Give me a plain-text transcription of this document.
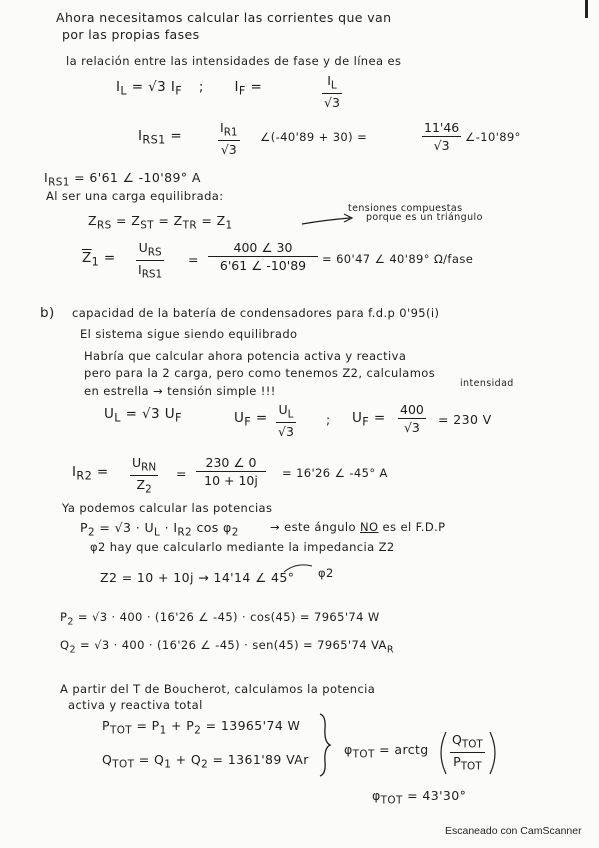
Ahora necesitamos calcular las corrientes que van
por las propias fases
la relación entre las intensidades de fase y de línea es
$I_L = √3$ $I_F$ ; $I_F$ =	$I_L$
√3
$I_{RS1}$ =
$I_{R1}$
√3
∠(-40'89 + 30) =
11'46
√3
∠-10'89°
$I_{RS1} = 6'61$ ∠ -10'89° A
Al ser una carga equilibrada:
$Z_{RS} = Z_{ST} = Z_{TR} = Z_1$
tensiones compuestas
porque es un triángulo
$\overline{Z}_1$ =
$U_{RS}$
$I_{RS1}$
=
400 ∠ 30
6'61 ∠ -10'89 = 60'47 ∠ 40'89° Ω/fase
b) capacidad de la batería de condensadores para f.d.p 0'95(i)
El sistema sigue siendo equilibrado
Habría que calcular ahora potencia activa y reactiva
pero para la 2 carga, pero como tenemos Z2, calculamos
intensidad
en estrella → tensión simple !!!
$U_L = √3$ $U_F$	$U_F$ =
$U_L$
√3
; $U_F$ =
400
√3
= 230 V
$I_{R2}$ =
$U_{RN}$
$Z_2$
=
230 ∠ 0
10 + 10j = 16'26 ∠ -45° A
Ya podemos calcular las potencias
$P_2 = √3 \cdot U_L \cdot I_{R2}$ $\cos \varphi_2$	→ este ángulo NO es el F.D.P
φ2 hay que calcularlo mediante la impedancia Z2
Z2 = 10 + 10j → 14'14 ∠ 45° φ2
$P_2 = √3 \cdot 400 \cdot (16'26$ ∠ -45) · cos(45) = 7965'74 W
$Q_2 = √3 \cdot 400 \cdot (16'26$ ∠ -45) · sen(45) = 7965'74 $VA_R$
A partir del T de Boucherot, calculamos la potencia
activa y reactiva total
$P_{TOT} = P_1 + P_2 = 13965'74$ W
$Q_{TOT} = Q_1 + Q_2 = 1361'89$ VAr
$\varphi_{TOT}$ = arctg
$Q_{TOT}$
$P_{TOT}$
$\varphi_{TOT} = 43'30^\circ$
Escaneado con CamScanner
